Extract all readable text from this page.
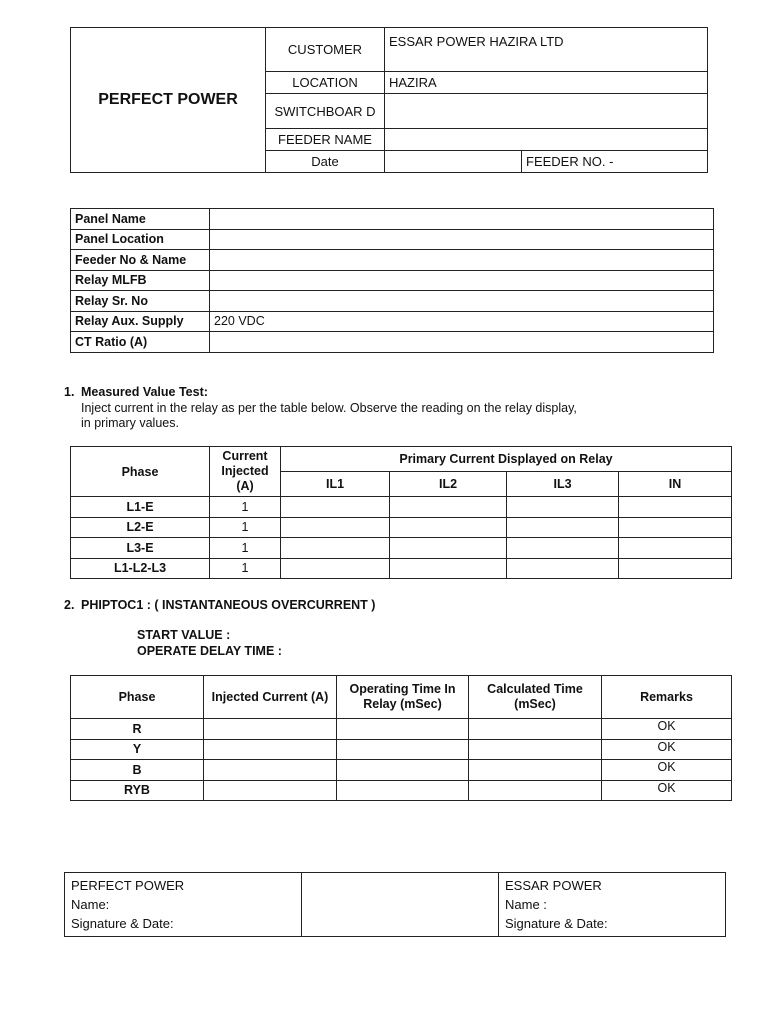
PERFECT POWER	CUSTOMER	ESSAR POWER HAZIRA LTD	
	LOCATION	HAZIRA	
	SWITCHBOAR D		
	FEEDER NAME		
	Date		FEEDER NO. -
Panel Name	
Panel Location	
Feeder No & Name	
Relay MLFB	
Relay Sr. No	
Relay Aux. Supply	220 VDC
CT Ratio (A)	
1. Measured Value Test:
Inject current in the relay as per the table below. Observe the reading on the relay display,
in primary values.
Phase	Current Injected (A)	Primary Current Displayed on Relay			
		IL1	IL2	IL3	IN
L1-E	1				
L2-E	1				
L3-E	1				
L1-L2-L3	1				
2. PHIPTOC1 : ( INSTANTANEOUS OVERCURRENT )
START VALUE :
OPERATE DELAY TIME :
Phase	Injected Current (A)	Operating Time In Relay (mSec)	Calculated Time (mSec)	Remarks
R				OK
Y				OK
B				OK
RYB				OK
PERFECT POWER
Name:
Signature & Date:

ESSAR POWER
Name :
Signature & Date:
